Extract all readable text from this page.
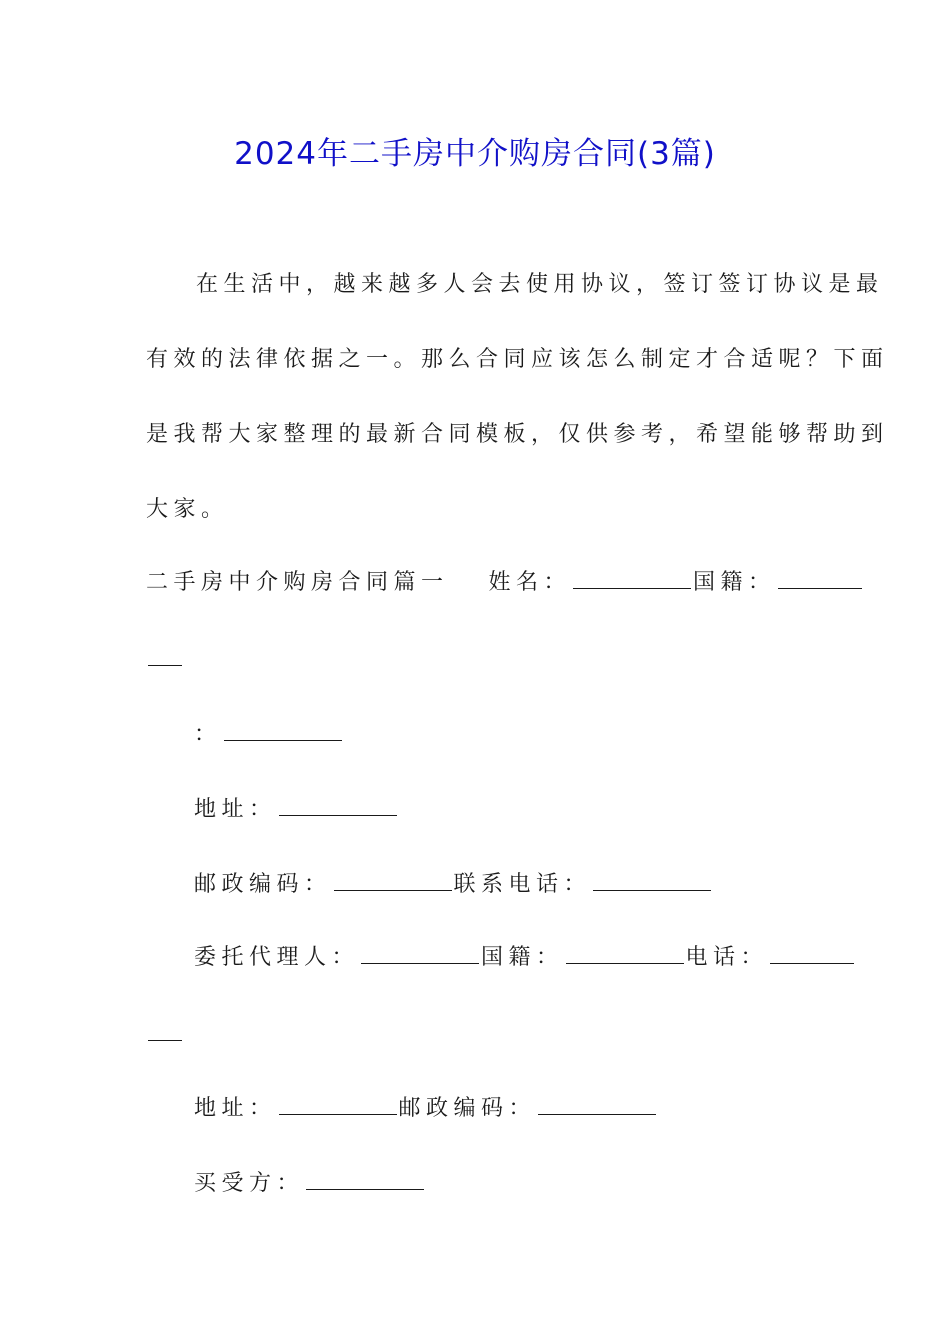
2024年二手房中介购房合同(3篇)
在生活中，越来越多人会去使用协议，签订签订协议是最
有效的法律依据之一。那么合同应该怎么制定才合适呢？下面
是我帮大家整理的最新合同模板，仅供参考，希望能够帮助到
大家。
二手房中介购房合同篇一 姓名：	国籍：
：
地址：
邮政编码：	联系电话：
委托代理人：	国籍：	电话：
地址：	邮政编码：
买受方：
